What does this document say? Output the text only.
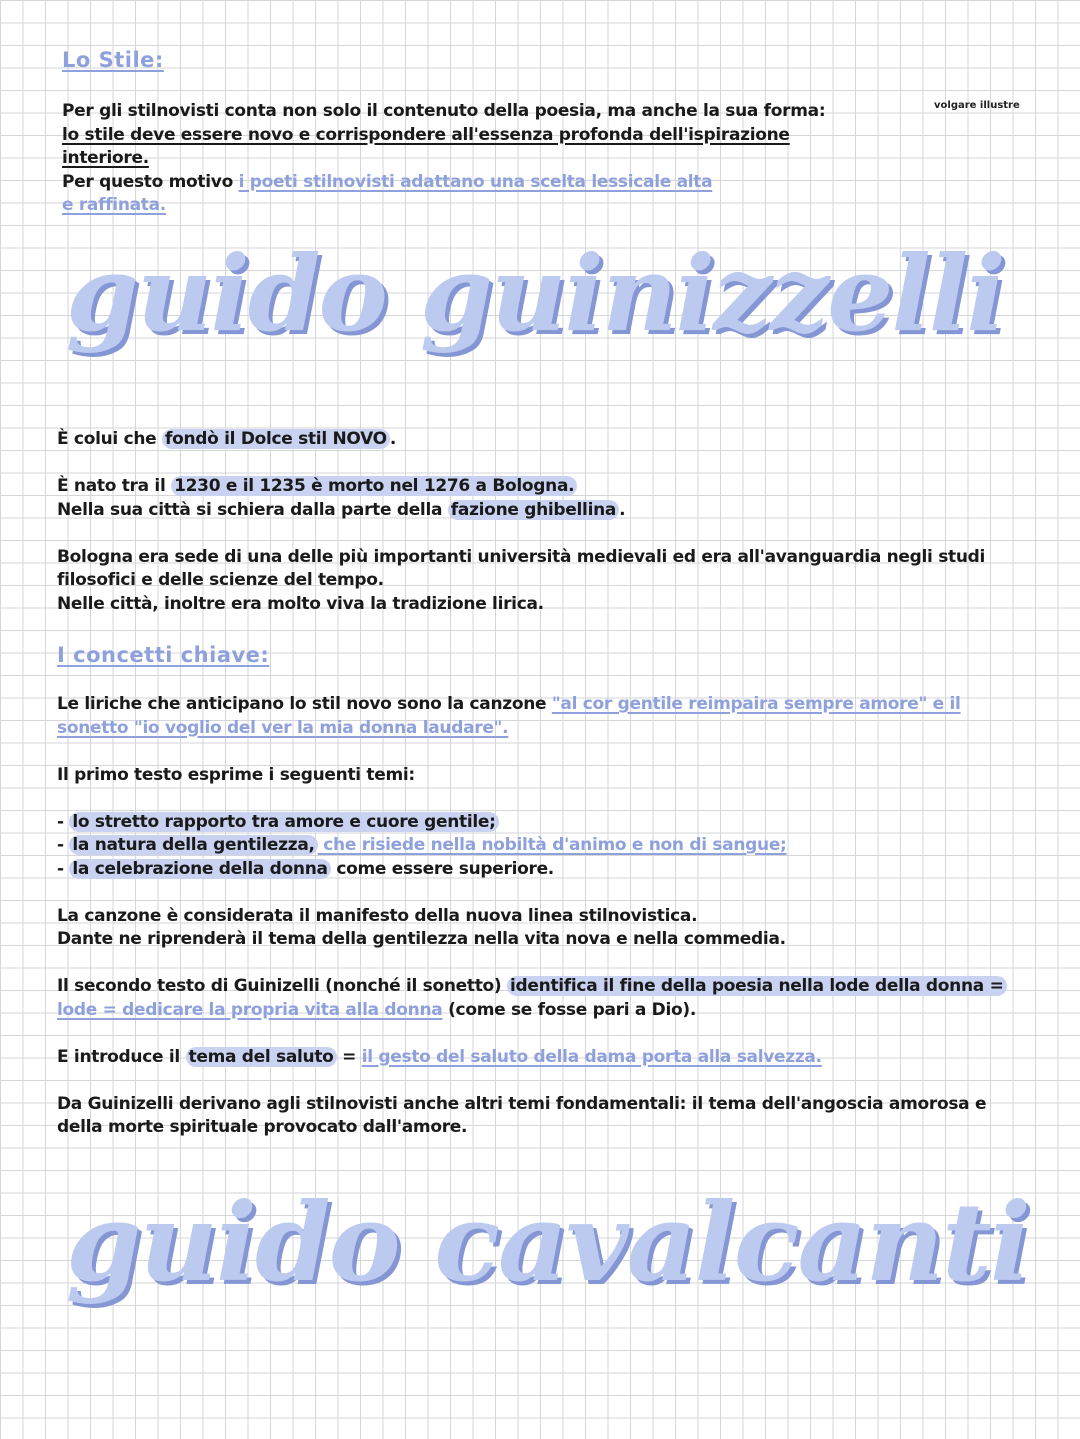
Lo Stile:
volgare illustre

Per gli stilnovisti conta non solo il contenuto della poesia, ma anche la sua forma:

lo stile deve essere novo e corrispondere all'essenza profonda dell'ispirazione

interiore.

Per questo motivo i poeti stilnovisti adattano una scelta lessicale alta

e raffinata.

guido guinizzelli

È colui che fondò il Dolce stil NOVO .

È nato tra il 1230 e il 1235 è morto nel 1276 a Bologna.

Nella sua città si schiera dalla parte della fazione ghibellina .

Bologna era sede di una delle più importanti università medievali ed era all'avanguardia negli studi

filosofici e delle scienze del tempo.

Nelle città, inoltre era molto viva la tradizione lirica.

I concetti chiave:

Le liriche che anticipano lo stil novo sono la canzone "al cor gentile reimpaira sempre amore" e il

sonetto "io voglio del ver la mia donna laudare".

Il primo testo esprime i seguenti temi:

- lo stretto rapporto tra amore e cuore gentile;

- la natura della gentilezza, che risiede nella nobiltà d'animo e non di sangue;

- la celebrazione della donna come essere superiore.

La canzone è considerata il manifesto della nuova linea stilnovistica.

Dante ne riprenderà il tema della gentilezza nella vita nova e nella commedia.

Il secondo testo di Guinizelli (nonché il sonetto) identifica il fine della poesia nella lode della donna =

lode = dedicare la propria vita alla donna (come se fosse pari a Dio).

E introduce il tema del saluto = il gesto del saluto della dama porta alla salvezza.

Da Guinizelli derivano agli stilnovisti anche altri temi fondamentali: il tema dell'angoscia amorosa e

della morte spirituale provocato dall'amore.

guido cavalcanti
